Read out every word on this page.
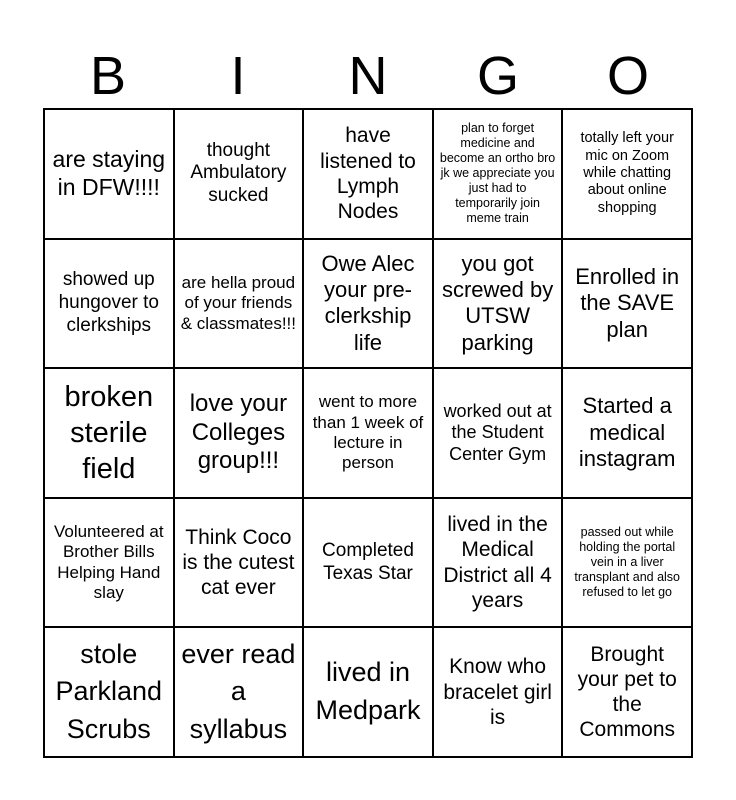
B	I	N	G	O
are staying in DFW!!!!
thought Ambulatory sucked
have listened to Lymph Nodes
plan to forget medicine and become an ortho bro jk we appreciate you just had to temporarily join meme train
totally left your mic on Zoom while chatting about online shopping
showed up hungover to clerkships
are hella proud of your friends & classmates!!!
Owe Alec your pre-clerkship life
you got screwed by UTSW parking
Enrolled in the SAVE plan
broken sterile field
love your Colleges group!!!
went to more than 1 week of lecture in person
worked out at the Student Center Gym
Started a medical instagram
Volunteered at Brother Bills Helping Hand slay
Think Coco is the cutest cat ever
Completed Texas Star
lived in the Medical District all 4 years
passed out while holding the portal vein in a liver transplant and also refused to let go
stole Parkland Scrubs
ever read a syllabus
lived in Medpark
Know who bracelet girl is
Brought your pet to the Commons
